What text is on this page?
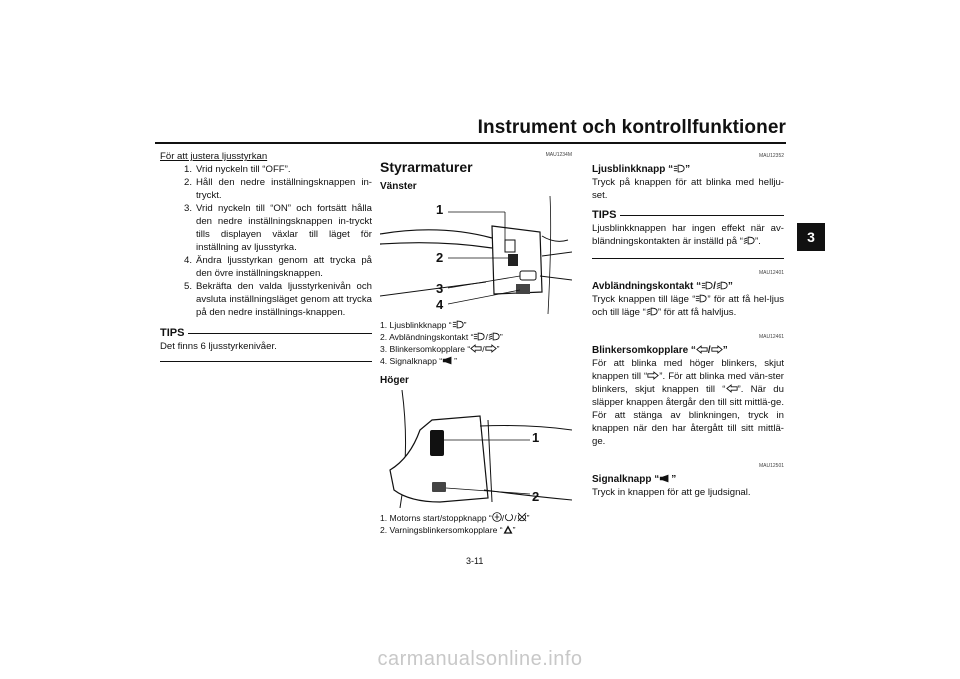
Instrument och kontrollfunktioner
3
För att justera ljusstyrkan
1. Vrid nyckeln till “OFF”.
2. Håll den nedre inställningsknappen in-tryckt.
3. Vrid nyckeln till “ON” och fortsätt hålla den nedre inställningsknappen in-tryckt tills displayen växlar till läget för inställning av ljusstyrka.
4. Ändra ljusstyrkan genom att trycka på den övre inställningsknappen.
5. Bekräfta den valda ljusstyrkenivån och avsluta inställningsläget genom att trycka på den nedre inställnings-knappen.
TIPS
Det finns 6 ljusstyrkenivåer.
MAU1234M
Styrarmaturer
Vänster
1
2
3
4
1. Ljusblinkknapp “ ”
2. Avbländningskontakt “ / ”
3. Blinkersomkopplare “ / ”
4. Signalknapp “ ”
Höger
1
2
1. Motorns start/stoppknapp “ / / ”
2. Varningsblinkersomkopplare “ ”
MAU12352
Ljusblinkknapp “ ”

Tryck på knappen för att blinka med hellju-set.

TIPS

Ljusblinkknappen har ingen effekt när av-bländningskontakten är inställd på “ ”.

MAU12401
Avbländningskontakt “ / ”

Tryck knappen till läge “ ” för att få hel-ljus och till läge “ ” för att få halvljus.

MAU12461
Blinkersomkopplare “ / ”

För att blinka med höger blinkers, skjut knappen till “ ”. För att blinka med vän-ster blinkers, skjut knappen till “ ”. När du släpper knappen återgår den till sitt mittlä-ge. För att stänga av blinkningen, tryck in knappen när den har återgått till sitt mittlä-ge.

MAU12501
Signalknapp “ ”

Tryck in knappen för att ge ljudsignal.

3-11
carmanualsonline.info
